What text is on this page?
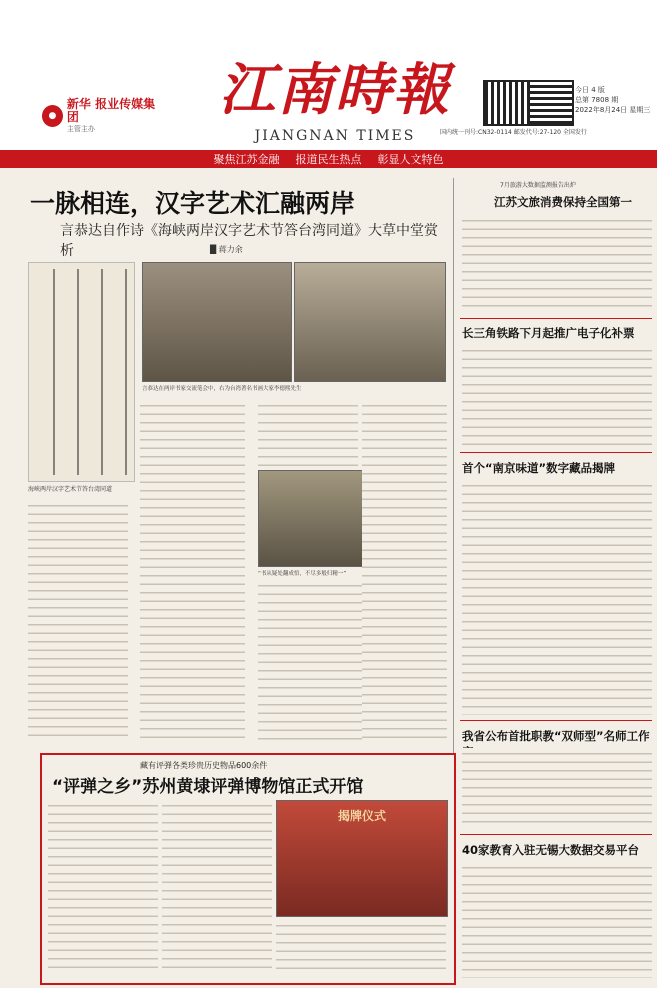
●
新华 报业传媒集团
主管主办
江南時報
JIANGNAN TIMES
今日 4 版
总第 7808 期
2022年8月24日 星期三
国内统一刊号:CN32-0114 邮发代号:27-120 全国发行
聚焦江苏金融 报道民生热点 彰显人文特色
一脉相连，汉字艺术汇融两岸
言恭达自作诗《海峡两岸汉字艺术节答台湾同道》大草中堂赏析	█ 蒋力余
海峡两岸汉字艺术节答台湾同道
言恭达在两岸书家交流笔会中，右为台湾著名书画大家李德熙先生
“书从疑处翻成悟，不尽多般归精一”
7月旅游大数据监测报告出炉
江苏文旅消费保持全国第一
长三角铁路下月起推广电子化补票
首个“南京味道”数字藏品揭牌
我省公布首批职教“双师型”名师工作
40家教育入驻无锡大数据交易平台
藏有评弹各类珍贵历史物品600余件
“评弹之乡”苏州黄埭评弹博物馆正式开馆
揭牌仪式
